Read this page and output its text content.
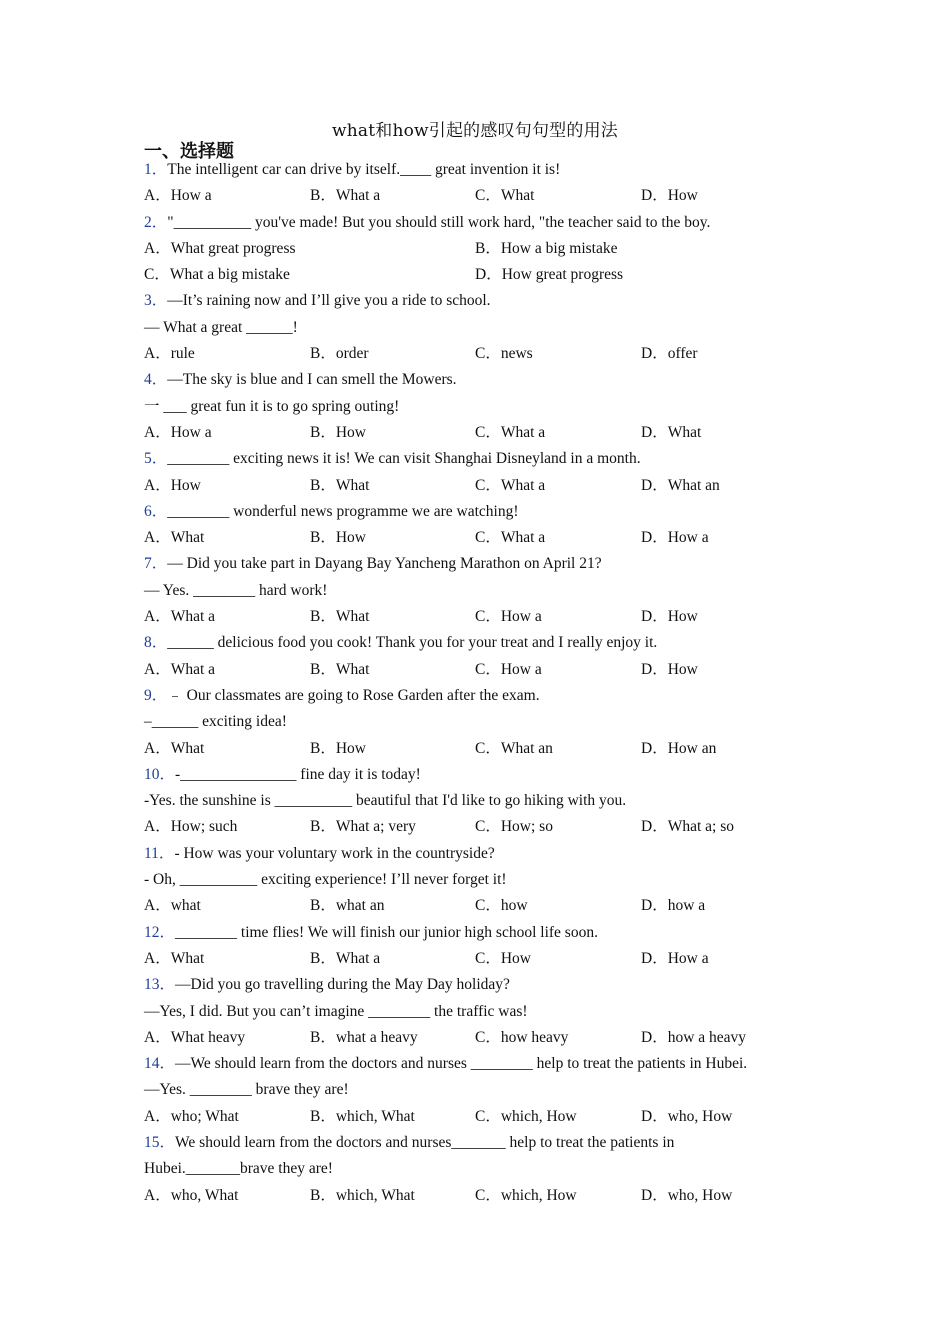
what和how引起的感叹句句型的用法
一、选择题
1．The intelligent car can drive by itself.____ great invention it is!
A．How a	B．What a	C．What	D．How
2．"__________ you've made! But you should still work hard, "the teacher said to the boy.
A．What great progress	B．How a big mistake
C．What a big mistake	D．How great progress
3．—It’s raining now and I’ll give you a ride to school.
— What a great ______!
A．rule	B．order	C．news	D．offer
4．—The sky is blue and I can smell the Mowers.
一 ___ great fun it is to go spring outing!
A．How a	B．How	C．What a	D．What
5．________ exciting news it is! We can visit Shanghai Disneyland in a month.
A．How	B．What	C．What a	D．What an
6．________ wonderful news programme we are watching!
A．What	B．How	C．What a	D．How a
7．— Did you take part in Dayang Bay Yancheng Marathon on April 21?
— Yes. ________ hard work!
A．What a	B．What	C．How a	D．How
8．______ delicious food you cook! Thank you for your treat and I really enjoy it.
A．What a	B．What	C．How a	D．How
9．﹣ Our classmates are going to Rose Garden after the exam.
–______ exciting idea!
A．What	B．How	C．What an	D．How an
10．-_______________ fine day it is today!
-Yes. the sunshine is __________ beautiful that I'd like to go hiking with you.
A．How; such	B．What a; very	C．How; so	D．What a; so
11．- How was your voluntary work in the countryside?
- Oh, __________ exciting experience! I’ll never forget it!
A．what	B．what an	C．how	D．how a
12．________ time flies! We will finish our junior high school life soon.
A．What	B．What a	C．How	D．How a
13．—Did you go travelling during the May Day holiday?
—Yes, I did. But you can’t imagine ________ the traffic was!
A．What heavy	B．what a heavy	C．how heavy	D．how a heavy
14．—We should learn from the doctors and nurses ________ help to treat the patients in Hubei.
—Yes. ________ brave they are!
A．who; What	B．which, What	C．which, How	D．who, How
15．We should learn from the doctors and nurses_______ help to treat the patients in
Hubei._______brave they are!
A．who, What	B．which, What	C．which, How	D．who, How
